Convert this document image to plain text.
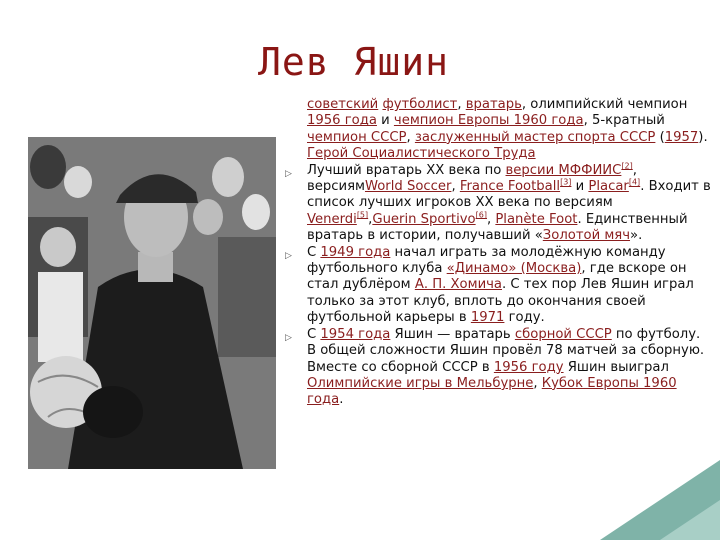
Лев Яшин
советский футболист, вратарь, олимпийский чемпион 1956 года и чемпион Европы 1960 года, 5-кратный чемпион СССР, заслуженный мастер спорта СССР (1957). Герой Социалистического Труда
▷ Лучший вратарь XX века по версии МФФИИС[2], версиямWorld Soccer, France Football[3] и Placar[4]. Входит в список лучших игроков XX века по версиям Venerdi[5],Guerin Sportivo[6], Planète Foot. Единственный вратарь в истории, получавший «Золотой мяч».
▷ С 1949 года начал играть за молодёжную команду футбольного клуба «Динамо» (Москва), где вскоре он стал дублёром А. П. Хомича. С тех пор Лев Яшин играл только за этот клуб, вплоть до окончания своей футбольной карьеры в 1971 году.
▷ С 1954 года Яшин — вратарь сборной СССР по футболу. В общей сложности Яшин провёл 78 матчей за сборную. Вместе со сборной СССР в 1956 году Яшин выиграл Олимпийские игры в Мельбурне, Кубок Европы 1960 года.
